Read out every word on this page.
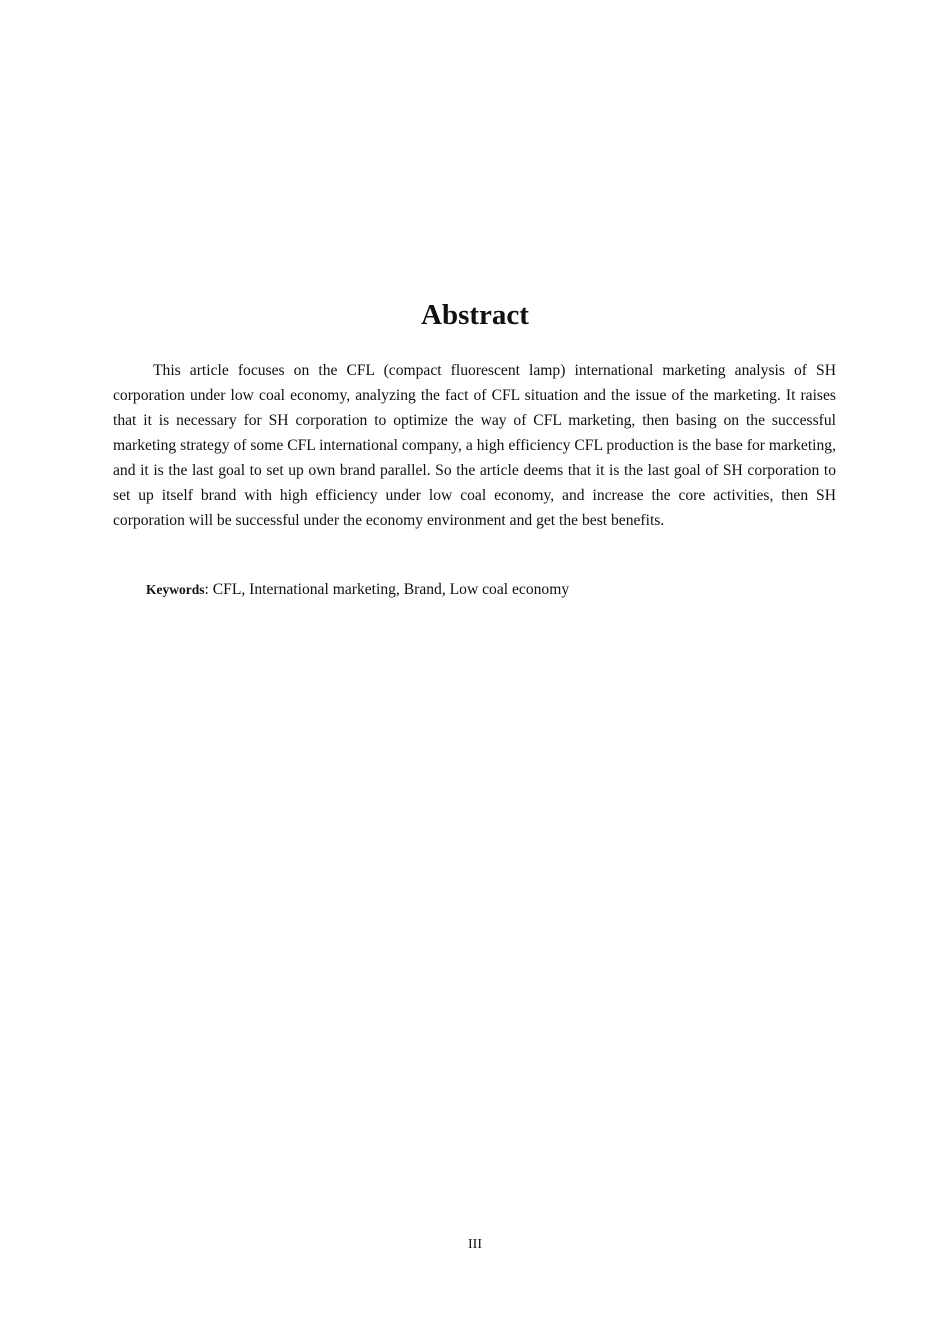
Abstract

This article focuses on the CFL (compact fluorescent lamp) international marketing analysis of SH corporation under low coal economy, analyzing the fact of CFL situation and the issue of the marketing. It raises that it is necessary for SH corporation to optimize the way of CFL marketing, then basing on the successful marketing strategy of some CFL international company, a high efficiency CFL production is the base for marketing, and it is the last goal to set up own brand parallel. So the article deems that it is the last goal of SH corporation to set up itself brand with high efficiency under low coal economy, and increase the core activities, then SH corporation will be successful under the economy environment and get the best benefits.

Keywords: CFL, International marketing, Brand, Low coal economy
III
